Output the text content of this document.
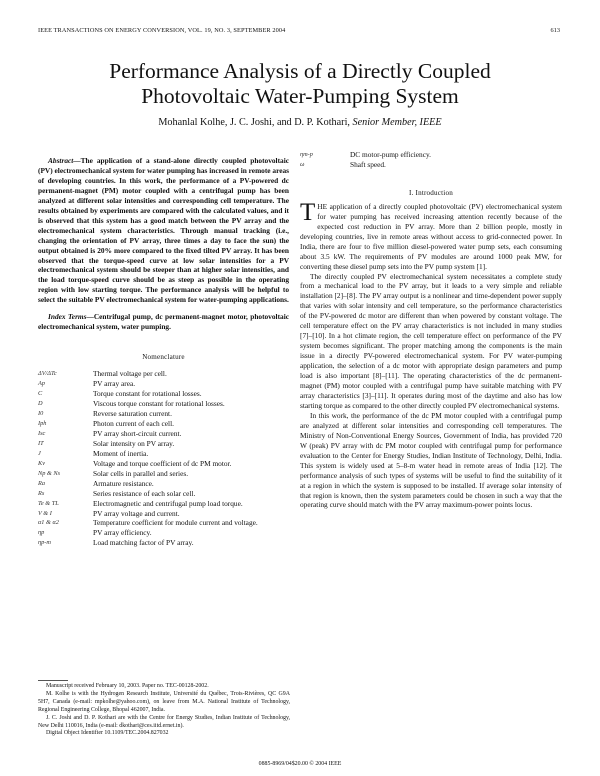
IEEE TRANSACTIONS ON ENERGY CONVERSION, VOL. 19, NO. 3, SEPTEMBER 2004	613
Performance Analysis of a Directly Coupled
Photovoltaic Water-Pumping System
Mohanlal Kolhe, J. C. Joshi, and D. P. Kothari, Senior Member, IEEE

Abstract—The application of a stand-alone directly coupled photovoltaic (PV) electromechanical system for water pumping has increased in remote areas of developing countries. In this work, the performance of a PV-powered dc permanent-magnet (PM) motor coupled with a centrifugal pump has been analyzed at different solar intensities and corresponding cell temperature. The results obtained by experiments are compared with the calculated values, and it is observed that this system has a good match between the PV array and the electromechanical system characteristics. Through manual tracking (i.e., changing the orientation of PV array, three times a day to face the sun) the output obtained is 20% more compared to the fixed tilted PV array. It has been observed that the torque-speed curve at low solar intensities for a PV electromechanical system should be steeper than at higher solar intensities, and the load torque-speed curve should be as steep as possible in the operating region with low starting torque. The performance analysis will be helpful to select the suitable PV electromechanical system for water-pumping applications.

Index Terms—Centrifugal pump, dc permanent-magnet motor, photovoltaic electromechanical system, water pumping.

Nomenclature
ΔV/ΔTc	Thermal voltage per cell.
Ap	PV array area.
C	Torque constant for rotational losses.
D	Viscous torque constant for rotational losses.
I0	Reverse saturation current.
Iph	Photon current of each cell.
Isc	PV array short-circuit current.
IT	Solar intensity on PV array.
J	Moment of inertia.
Kv	Voltage and torque coefficient of dc PM motor.
Np & Ns	Solar cells in parallel and series.
Ra	Armature resistance.
Rs	Series resistance of each solar cell.
Te & TL	Electromagnetic and centrifugal pump load torque.
V & I	PV array voltage and current.
α1 & α2	Temperature coefficient for module current and voltage.
ηp	PV array efficiency.
ηp-m	Load matching factor of PV array.

Manuscript received February 10, 2003. Paper no. TEC-00128-2002.

M. Kolhe is with the Hydrogen Research Institute, Université du Québec, Trois-Rivières, QC G9A 5H7, Canada (e-mail: mpkolhe@yahoo.com), on leave from M.A. National Institute of Technology, Regional Engineering College, Bhopal 462007, India.

J. C. Joshi and D. P. Kothari are with the Centre for Energy Studies, Indian Institute of Technology, New Delhi 110016, India (e-mail: dkothari@ces.iitd.ernet.in).

Digital Object Identifier 10.1109/TEC.2004.827032

ηm-p	DC motor-pump efficiency.
ω	Shaft speed.
I. Introduction

THE application of a directly coupled photovoltaic (PV) electromechanical system for water pumping has received increasing attention recently because of the expected cost reduction in PV array. More than 2 billion people, mostly in developing countries, live in remote areas without access to grid-connected power. In India, there are four to five million diesel-powered water pump sets, each consuming about 3.5 kW. The requirements of PV modules are around 1000 peak MW, for converting these diesel pump sets into the PV pump system [1].

The directly coupled PV electromechanical system necessitates a complete study from a mechanical load to the PV array, but it leads to a very simple and reliable installation [2]–[8]. The PV array output is a nonlinear and time-dependent power supply that varies with solar intensity and cell temperature, so the performance characteristics of the PV-powered dc motor are different than when powered by constant voltage. The cell temperature effect on the PV array characteristics is not included in many studies [7]–[10]. In a hot climate region, the cell temperature effect on performance of the PV system becomes significant. The proper matching among the components is the main issue in a directly PV-powered electromechanical system. For PV water-pumping application, the selection of a dc motor with appropriate design parameters and pump load is also important [8]–[11]. The operating characteristics of the dc permanent-magnet (PM) motor coupled with a centrifugal pump have suitable matching with PV array characteristics [3]–[11]. It operates during most of the daytime and also has low starting torque as compared to the other directly coupled PV electromechanical systems.

In this work, the performance of the dc PM motor coupled with a centrifugal pump are analyzed at different solar intensities and corresponding cell temperatures. The Ministry of Non-Conventional Energy Sources, Government of India, has provided 720 W (peak) PV array with dc PM motor coupled with centrifugal pump for performance evaluation to the Center for Energy Studies, Indian Institute of Technology, Delhi, India. This system is widely used at 5–8-m water head in remote areas of India [12]. The performance analysis of such types of systems will be useful to find the suitability of it at a region in which the system is supposed to be installed. If average solar intensity of that region is known, then the system parameters could be chosen in such a way that the operating curve should match with the PV array maximum-power points locus.

0885-8969/04$20.00 © 2004 IEEE
